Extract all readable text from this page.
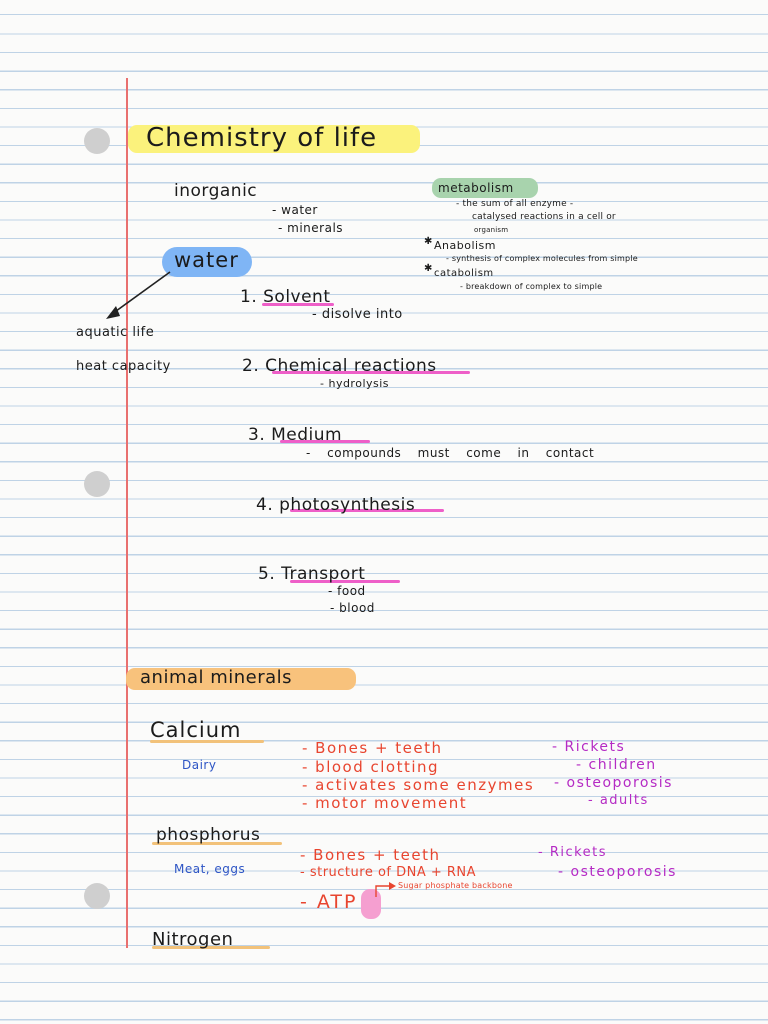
Chemistry of life
inorganic
- water
- minerals
metabolism
- the sum of all enzyme -
catalysed reactions in a cell or
organism
✱ Anabolism
- synthesis of complex molecules from simple
✱ catabolism
- breakdown of complex to simple
water
aquatic life
heat capacity
1. Solvent
- disolve into
2. Chemical reactions
- hydrolysis
3. Medium
- compounds must come in contact
4. photosynthesis
5. Transport
- food
- blood
animal minerals
Calcium
Dairy
- Bones + teeth
- blood clotting
- activates some enzymes
- motor movement
- Rickets
- children
- osteoporosis
- adults
phosphorus
Meat, eggs
- Bones + teeth
- structure of DNA + RNA
- ATP
Sugar phosphate backbone
- Rickets
- osteoporosis
Nitrogen
